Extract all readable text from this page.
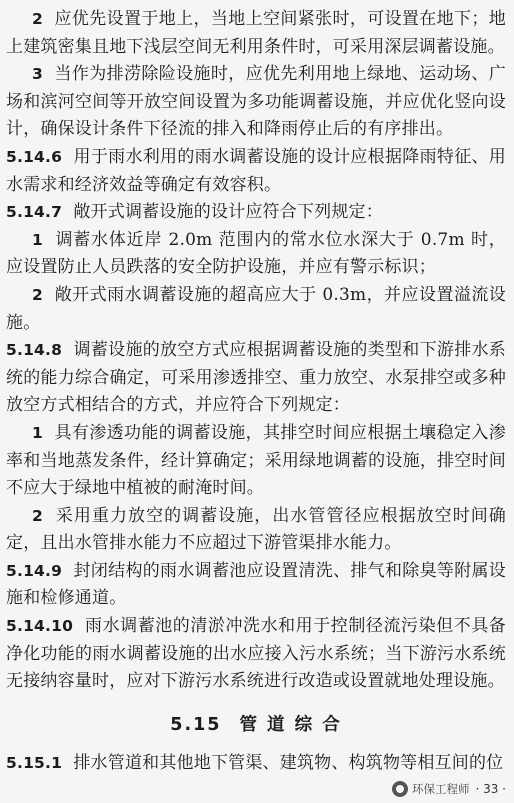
2 应优先设置于地上，当地上空间紧张时，可设置在地下；地上建筑密集且地下浅层空间无利用条件时，可采用深层调蓄设施。

3 当作为排涝除险设施时，应优先利用地上绿地、运动场、广场和滨河空间等开放空间设置为多功能调蓄设施，并应优化竖向设计，确保设计条件下径流的排入和降雨停止后的有序排出。

5.14.6 用于雨水利用的雨水调蓄设施的设计应根据降雨特征、用水需求和经济效益等确定有效容积。

5.14.7 敞开式调蓄设施的设计应符合下列规定：

1 调蓄水体近岸 2.0m 范围内的常水位水深大于 0.7m 时，应设置防止人员跌落的安全防护设施，并应有警示标识；

2 敞开式雨水调蓄设施的超高应大于 0.3m，并应设置溢流设施。

5.14.8 调蓄设施的放空方式应根据调蓄设施的类型和下游排水系统的能力综合确定，可采用渗透排空、重力放空、水泵排空或多种放空方式相结合的方式，并应符合下列规定：

1 具有渗透功能的调蓄设施，其排空时间应根据土壤稳定入渗率和当地蒸发条件，经计算确定；采用绿地调蓄的设施，排空时间不应大于绿地中植被的耐淹时间。

2 采用重力放空的调蓄设施，出水管管径应根据放空时间确定，且出水管排水能力不应超过下游管渠排水能力。

5.14.9 封闭结构的雨水调蓄池应设置清洗、排气和除臭等附属设施和检修通道。

5.14.10 雨水调蓄池的清淤冲洗水和用于控制径流污染但不具备净化功能的雨水调蓄设施的出水应接入污水系统；当下游污水系统无接纳容量时，应对下游污水系统进行改造或设置就地处理设施。

5.15 管 道 综 合

5.15.1 排水管道和其他地下管渠、建筑物、构筑物等相互间的位

环保工程师 · 33 ·
